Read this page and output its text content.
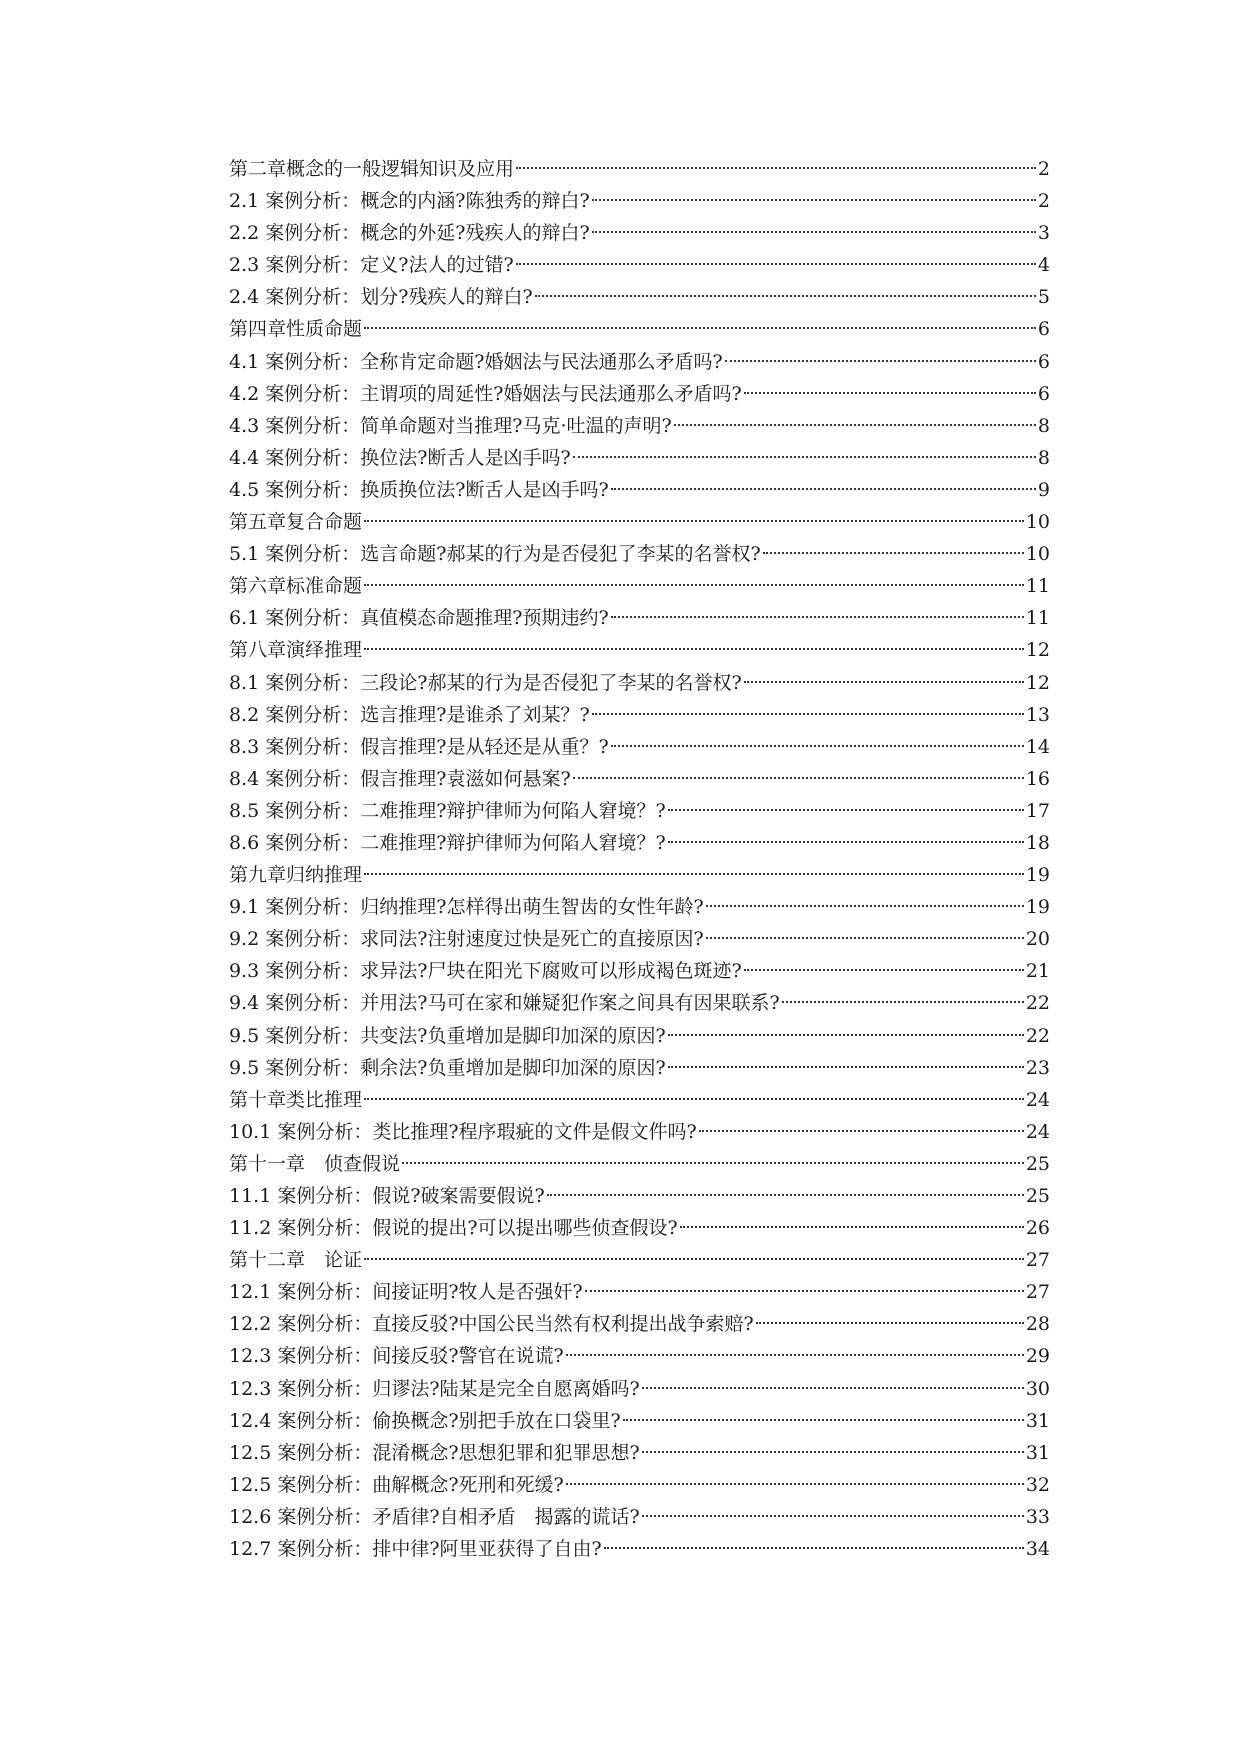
第二章概念的一般逻辑知识及应用	2
2.1 案例分析：概念的内涵?陈独秀的辩白?	2
2.2 案例分析：概念的外延?残疾人的辩白?	3
2.3 案例分析：定义?法人的过错?	4
2.4 案例分析：划分?残疾人的辩白?	5
第四章性质命题	6
4.1 案例分析：全称肯定命题?婚姻法与民法通那么矛盾吗?	6
4.2 案例分析：主谓项的周延性?婚姻法与民法通那么矛盾吗?	6
4.3 案例分析：简单命题对当推理?马克·吐温的声明?	8
4.4 案例分析：换位法?断舌人是凶手吗?	8
4.5 案例分析：换质换位法?断舌人是凶手吗?	9
第五章复合命题	10
5.1 案例分析：选言命题?郝某的行为是否侵犯了李某的名誉权?	10
第六章标准命题	11
6.1 案例分析：真值模态命题推理?预期违约?	11
第八章演绎推理	12
8.1 案例分析：三段论?郝某的行为是否侵犯了李某的名誉权?	12
8.2 案例分析：选言推理?是谁杀了刘某？?	13
8.3 案例分析：假言推理?是从轻还是从重？?	14
8.4 案例分析：假言推理?袁滋如何悬案?	16
8.5 案例分析：二难推理?辩护律师为何陷人窘境？?	17
8.6 案例分析：二难推理?辩护律师为何陷人窘境？?	18
第九章归纳推理	19
9.1 案例分析：归纳推理?怎样得出萌生智齿的女性年龄?	19
9.2 案例分析：求同法?注射速度过快是死亡的直接原因?	20
9.3 案例分析：求异法?尸块在阳光下腐败可以形成褐色斑迹?	21
9.4 案例分析：并用法?马可在家和嫌疑犯作案之间具有因果联系?	22
9.5 案例分析：共变法?负重增加是脚印加深的原因?	22
9.5 案例分析：剩余法?负重增加是脚印加深的原因?	23
第十章类比推理	24
10.1 案例分析：类比推理?程序瑕疵的文件是假文件吗?	24
第十一章　侦查假说	25
11.1 案例分析：假说?破案需要假说?	25
11.2 案例分析：假说的提出?可以提出哪些侦查假设?	26
第十二章　论证	27
12.1 案例分析：间接证明?牧人是否强奸?	27
12.2 案例分析：直接反驳?中国公民当然有权利提出战争索赔?	28
12.3 案例分析：间接反驳?警官在说谎?	29
12.3 案例分析：归谬法?陆某是完全自愿离婚吗?	30
12.4 案例分析：偷换概念?别把手放在口袋里?	31
12.5 案例分析：混淆概念?思想犯罪和犯罪思想?	31
12.5 案例分析：曲解概念?死刑和死缓?	32
12.6 案例分析：矛盾律?自相矛盾　揭露的谎话?	33
12.7 案例分析：排中律?阿里亚获得了自由?	34
